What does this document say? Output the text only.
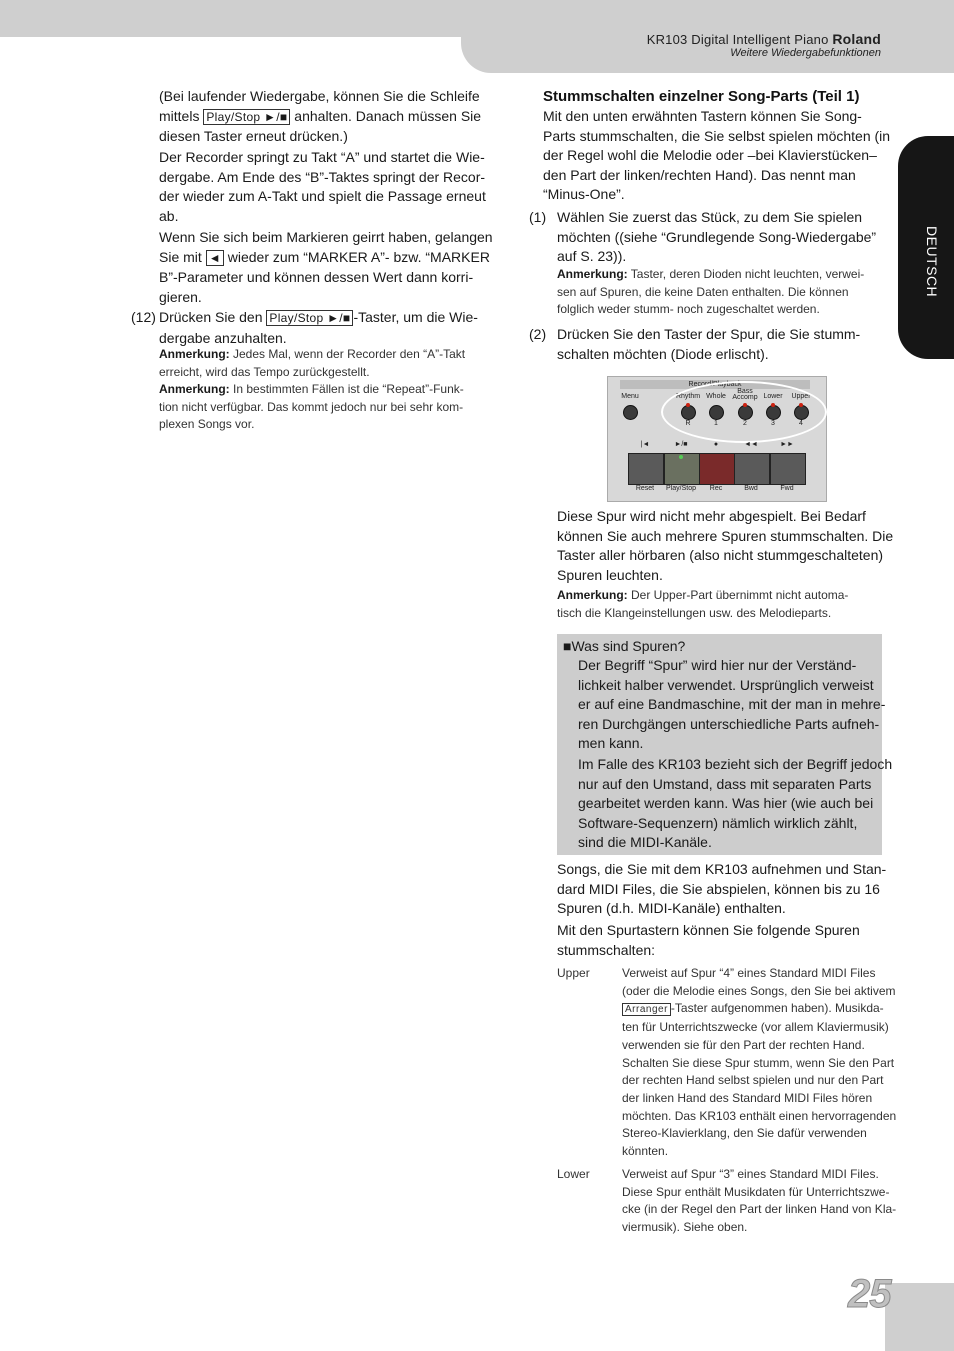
KR103 Digital Intelligent Piano Roland
Weitere Wiedergabefunktionen
DEUTSCH
(Bei laufender Wiedergabe, können Sie die Schleife
mittels Play/Stop ►/■ anhalten. Danach müssen Sie
diesen Taster erneut drücken.)
Der Recorder springt zu Takt “A” und startet die Wie-
dergabe. Am Ende des “B”-Taktes springt der Recor-
der wieder zum A-Takt und spielt die Passage erneut
ab.
Wenn Sie sich beim Markieren geirrt haben, gelangen
Sie mit ◄ wieder zum “MARKER A”- bzw. “MARKER
B”-Parameter und können dessen Wert dann korri-
gieren.
(12) Drücken Sie den Play/Stop ►/■ -Taster, um die Wie-
dergabe anzuhalten.
Anmerkung: Jedes Mal, wenn der Recorder den “A”-Takt
erreicht, wird das Tempo zurückgestellt.
Anmerkung: In bestimmten Fällen ist die “Repeat”-Funk-
tion nicht verfügbar. Das kommt jedoch nur bei sehr kom-
plexen Songs vor.
Stummschalten einzelner Song-Parts (Teil 1)
Mit den unten erwähnten Tastern können Sie Song-
Parts stummschalten, die Sie selbst spielen möchten (in
der Regel wohl die Melodie oder –bei Klavierstücken–
den Part der linken/rechten Hand). Das nennt man
“Minus-One”.
(1) Wählen Sie zuerst das Stück, zu dem Sie spielen
möchten ((siehe “Grundlegende Song-Wiedergabe”
auf S. 23)).
Anmerkung: Taster, deren Dioden nicht leuchten, verwei-
sen auf Spuren, die keine Daten enthalten. Die können
folglich weder stumm- noch zugeschaltet werden.
(2) Drücken Sie den Taster der Spur, die Sie stumm-
schalten möchten (Diode erlischt).
Record/Playback
Menu	Rhythm Whole
Bass
Accomp Lower	Upper
R	1	2	3	4
|◄	►/■	●	◄◄	►►
Reset	Play/Stop	Rec	Bwd	Fwd
Diese Spur wird nicht mehr abgespielt. Bei Bedarf
können Sie auch mehrere Spuren stummschalten. Die
Taster aller hörbaren (also nicht stummgeschalteten)
Spuren leuchten.
Anmerkung: Der Upper-Part übernimmt nicht automa-
tisch die Klangeinstellungen usw. des Melodieparts.
■Was sind Spuren?
Der Begriff “Spur” wird hier nur der Verständ-
lichkeit halber verwendet. Ursprünglich verweist
er auf eine Bandmaschine, mit der man in mehre-
ren Durchgängen unterschiedliche Parts aufneh-
men kann.
Im Falle des KR103 bezieht sich der Begriff jedoch
nur auf den Umstand, dass mit separaten Parts
gearbeitet werden kann. Was hier (wie auch bei
Software-Sequenzern) nämlich wirklich zählt,
sind die MIDI-Kanäle.
Songs, die Sie mit dem KR103 aufnehmen und Stan-
dard MIDI Files, die Sie abspielen, können bis zu 16
Spuren (d.h. MIDI-Kanäle) enthalten.
Mit den Spurtastern können Sie folgende Spuren
stummschalten:
Upper	Verweist auf Spur “4” eines Standard MIDI Files
(oder die Melodie eines Songs, den Sie bei aktivem
Arranger -Taster aufgenommen haben). Musikda-
ten für Unterrichtszwecke (vor allem Klaviermusik)
verwenden sie für den Part der rechten Hand.
Schalten Sie diese Spur stumm, wenn Sie den Part
der rechten Hand selbst spielen und nur den Part
der linken Hand des Standard MIDI Files hören
möchten. Das KR103 enthält einen hervorragenden
Stereo-Klavierklang, den Sie dafür verwenden
könnten.
Lower	Verweist auf Spur “3” eines Standard MIDI Files.
Diese Spur enthält Musikdaten für Unterrichtszwe-
cke (in der Regel den Part der linken Hand von Kla-
viermusik). Siehe oben.
25
